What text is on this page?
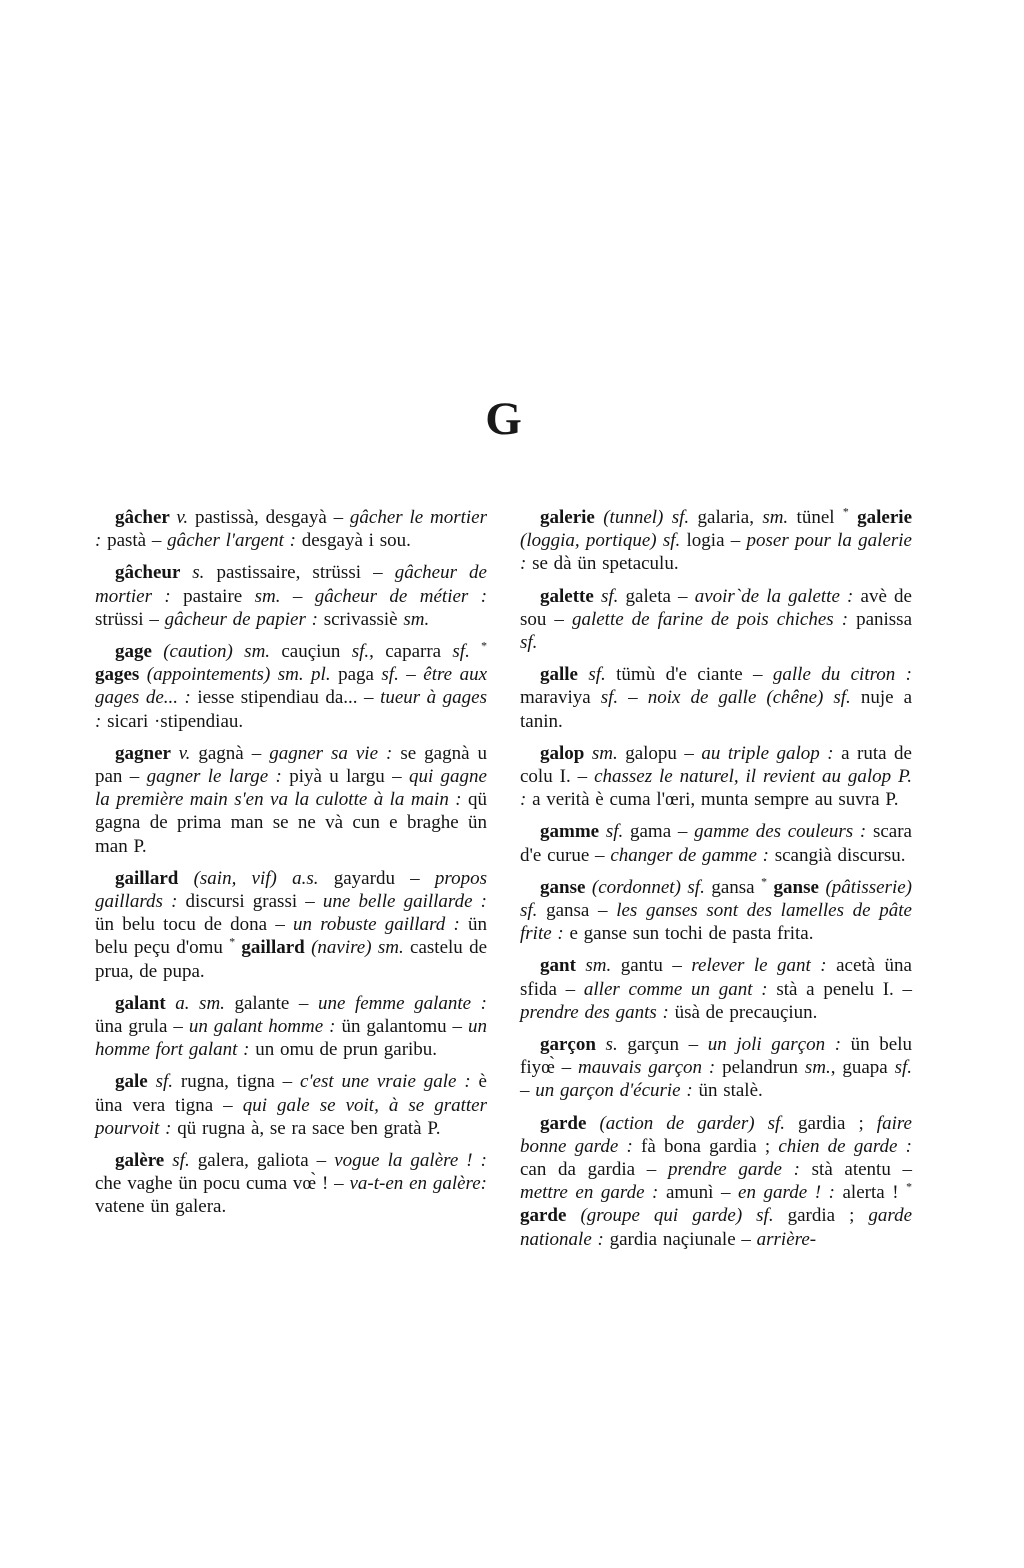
G

gâcher v. pastissà, desgayà – gâcher le mortier : pastà – gâcher l'argent : desgayà i sou.

gâcheur s. pastissaire, strüssi – gâcheur de mortier : pastaire sm. – gâcheur de métier : strüssi – gâcheur de papier : scrivassiè sm.

gage (caution) sm. cauçiun sf., caparra sf. * gages (appointements) sm. pl. paga sf. – être aux gages de... : iesse stipendiau da... – tueur à gages : sicari ·stipendiau.

gagner v. gagnà – gagner sa vie : se gagnà u pan – gagner le large : piyà u largu – qui gagne la première main s'en va la culotte à la main : qü gagna de prima man se ne và cun e braghe ün man P.

gaillard (sain, vif) a.s. gayardu – propos gaillards : discursi grassi – une belle gaillarde : ün belu tocu de dona – un robuste gaillard : ün belu peçu d'omu * gaillard (navire) sm. castelu de prua, de pupa.

galant a. sm. galante – une femme galante : üna grula – un galant homme : ün galantomu – un homme fort galant : un omu de prun garibu.

gale sf. rugna, tigna – c'est une vraie gale : è üna vera tigna – qui gale se voit, à se gratter pourvoit : qü rugna à, se ra sace ben gratà P.

galère sf. galera, galiota – vogue la galère ! : che vaghe ün pocu cuma vœ̀ ! – va-t-en en galère: vatene ün galera.

galerie (tunnel) sf. galaria, sm. tünel * galerie (loggia, portique) sf. logia – poser pour la galerie : se dà ün spetaculu.

galette sf. galeta – avoir`de la galette : avè de sou – galette de farine de pois chiches : panissa sf.

galle sf. tümù d'e ciante – galle du citron : maraviya sf. – noix de galle (chêne) sf. nuje a tanin.

galop sm. galopu – au triple galop : a ruta de colu I. – chassez le naturel, il revient au galop P. : a verità è cuma l'œri, munta sempre au suvra P.

gamme sf. gama – gamme des couleurs : scara d'e curue – changer de gamme : scangià discursu.

ganse (cordonnet) sf. gansa * ganse (pâtisserie) sf. gansa – les ganses sont des lamelles de pâte frite : e ganse sun tochi de pasta frita.

gant sm. gantu – relever le gant : acetà üna sfida – aller comme un gant : stà a penelu I. – prendre des gants : üsà de precauçiun.

garçon s. garçun – un joli garçon : ün belu fiyœ̀ – mauvais garçon : pelandrun sm., guapa sf. – un garçon d'écurie : ün stalè.

garde (action de garder) sf. gardia ; faire bonne garde : fà bona gardia ; chien de garde : can da gardia – prendre garde : stà atentu – mettre en garde : amunì – en garde ! : alerta ! * garde (groupe qui garde) sf. gardia ; garde nationale : gardia naçiunale – arrière-
